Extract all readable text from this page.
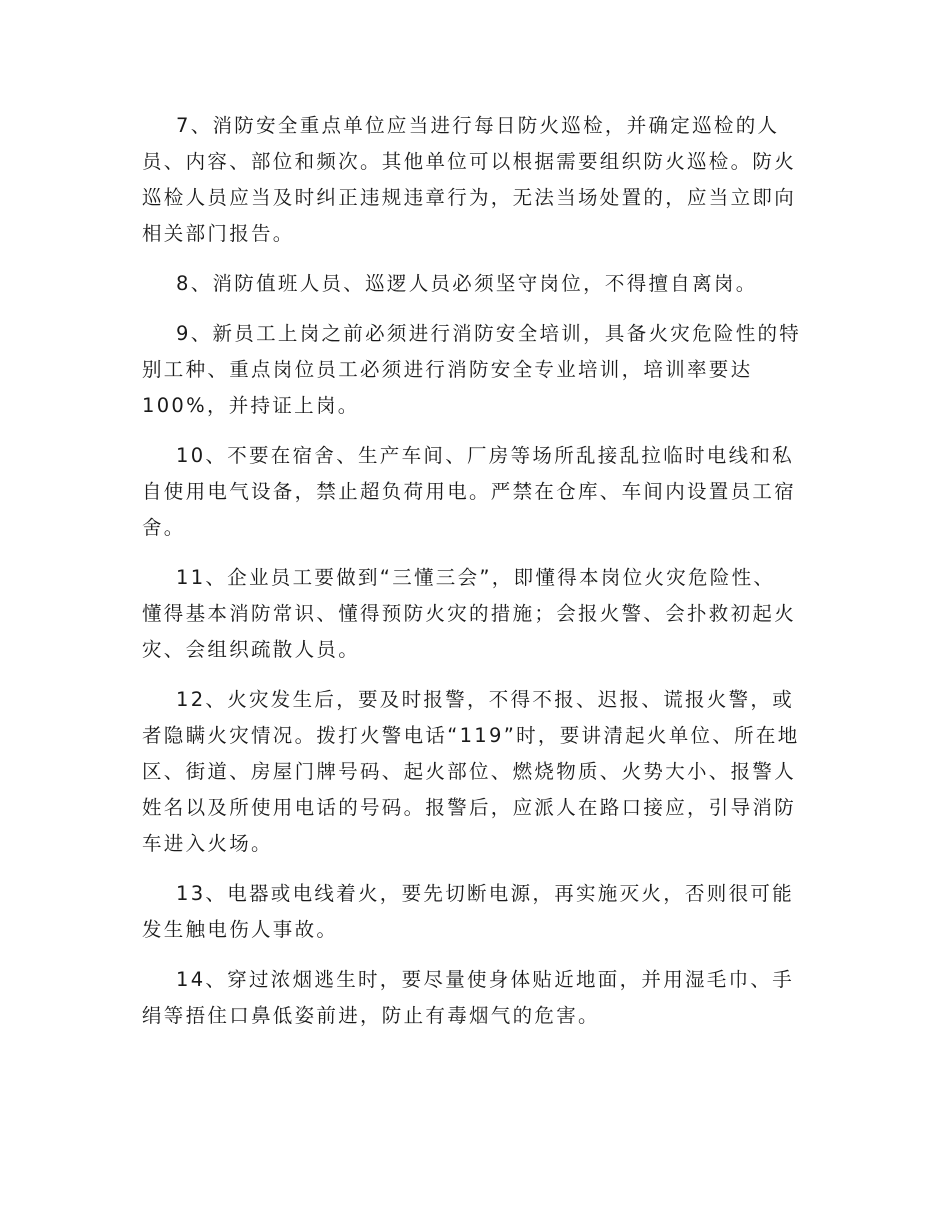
7、消防安全重点单位应当进行每日防火巡检，并确定巡检的人
员、内容、部位和频次。其他单位可以根据需要组织防火巡检。防火
巡检人员应当及时纠正违规违章行为，无法当场处置的，应当立即向
相关部门报告。

8、消防值班人员、巡逻人员必须坚守岗位，不得擅自离岗。

9、新员工上岗之前必须进行消防安全培训，具备火灾危险性的特
别工种、重点岗位员工必须进行消防安全专业培训，培训率要达
100%，并持证上岗。

10、不要在宿舍、生产车间、厂房等场所乱接乱拉临时电线和私
自使用电气设备，禁止超负荷用电。严禁在仓库、车间内设置员工宿
舍。

11、企业员工要做到“三懂三会”，即懂得本岗位火灾危险性、
懂得基本消防常识、懂得预防火灾的措施；会报火警、会扑救初起火
灾、会组织疏散人员。

12、火灾发生后，要及时报警，不得不报、迟报、谎报火警，或
者隐瞒火灾情况。拨打火警电话“119”时，要讲清起火单位、所在地
区、街道、房屋门牌号码、起火部位、燃烧物质、火势大小、报警人
姓名以及所使用电话的号码。报警后，应派人在路口接应，引导消防
车进入火场。

13、电器或电线着火，要先切断电源，再实施灭火，否则很可能
发生触电伤人事故。

14、穿过浓烟逃生时，要尽量使身体贴近地面，并用湿毛巾、手
绢等捂住口鼻低姿前进，防止有毒烟气的危害。
